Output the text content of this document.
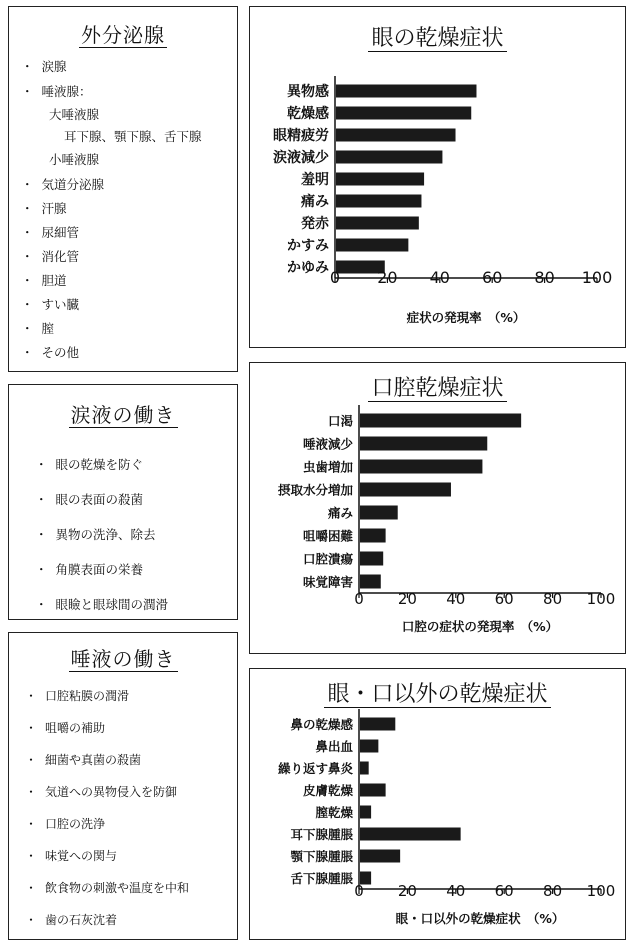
外分泌腺
・ 涙腺
・ 唾液腺：
大唾液腺
耳下腺、顎下腺、舌下腺
小唾液腺
・ 気道分泌腺
・ 汗腺
・ 尿細管
・ 消化管
・ 胆道
・ すい臓
・ 膣
・ その他
涙液の働き
・ 眼の乾燥を防ぐ
・ 眼の表面の殺菌
・ 異物の洗浄、除去
・ 角膜表面の栄養
・ 眼瞼と眼球間の潤滑
唾液の働き
・ 口腔粘膜の潤滑
・ 咀嚼の補助
・ 細菌や真菌の殺菌
・ 気道への異物侵入を防御
・ 口腔の洗浄
・ 味覚への関与
・ 飲食物の刺激や温度を中和
・ 歯の石灰沈着
眼の乾燥症状
口腔乾燥症状
眼・口以外の乾燥症状
異物感
乾燥感
眼精疲労
涙液減少
羞明
痛み
発赤
かすみ
かゆみ 0 20 40 60 80 100
症状の発現率　（%）
口渇
唾液減少
虫歯増加
摂取水分増加
痛み
咀嚼困難
口腔潰瘍
味覚障害
0 20 40 60 80 100
口腔の症状の発現率　（%）
鼻の乾燥感
鼻出血
繰り返す鼻炎
皮膚乾燥
膣乾燥
耳下腺腫脹
顎下腺腫脹
舌下腺腫脹
0 20 40 60 80 100
眼・口以外の乾燥症状　（%）
